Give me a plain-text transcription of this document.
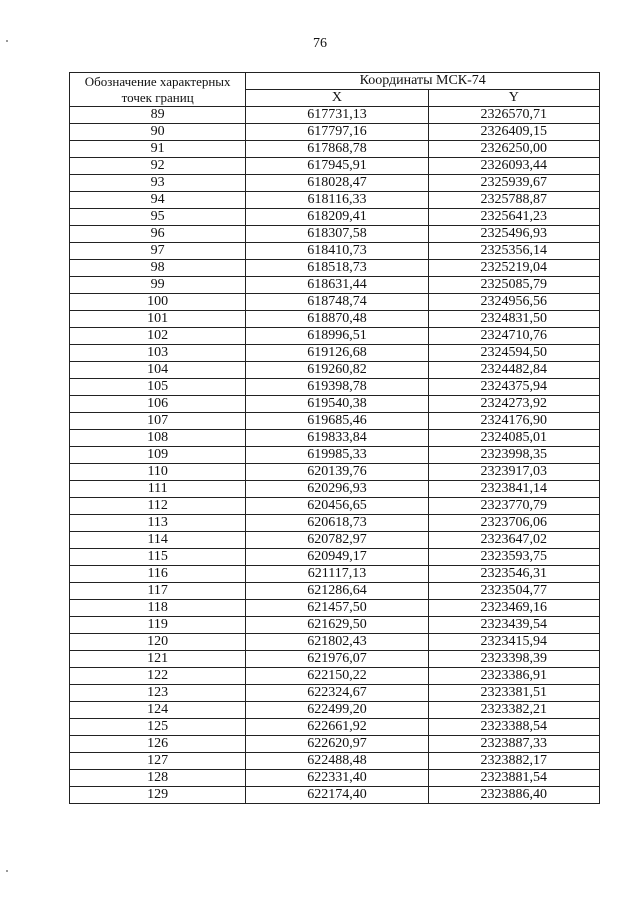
76
Обозначение характерных точек границ	Координаты МСК-74	
	X	Y
89	617731,13	2326570,71
90	617797,16	2326409,15
91	617868,78	2326250,00
92	617945,91	2326093,44
93	618028,47	2325939,67
94	618116,33	2325788,87
95	618209,41	2325641,23
96	618307,58	2325496,93
97	618410,73	2325356,14
98	618518,73	2325219,04
99	618631,44	2325085,79
100	618748,74	2324956,56
101	618870,48	2324831,50
102	618996,51	2324710,76
103	619126,68	2324594,50
104	619260,82	2324482,84
105	619398,78	2324375,94
106	619540,38	2324273,92
107	619685,46	2324176,90
108	619833,84	2324085,01
109	619985,33	2323998,35
110	620139,76	2323917,03
111	620296,93	2323841,14
112	620456,65	2323770,79
113	620618,73	2323706,06
114	620782,97	2323647,02
115	620949,17	2323593,75
116	621117,13	2323546,31
117	621286,64	2323504,77
118	621457,50	2323469,16
119	621629,50	2323439,54
120	621802,43	2323415,94
121	621976,07	2323398,39
122	622150,22	2323386,91
123	622324,67	2323381,51
124	622499,20	2323382,21
125	622661,92	2323388,54
126	622620,97	2323887,33
127	622488,48	2323882,17
128	622331,40	2323881,54
129	622174,40	2323886,40
